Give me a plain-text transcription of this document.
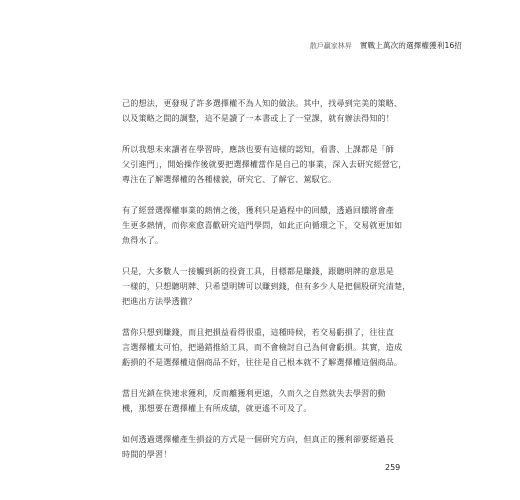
散戶贏家林昇 實戰上萬次的選擇權獲利16招
己的想法，更發現了許多選擇權不為人知的做法。其中，找尋到完美的策略、
以及策略之間的調整，這不是讀了一本書或上了一堂課，就有辦法得知的！
所以我想未來讀者在學習時，應該也要有這樣的認知，看書、上課都是「師
父引進門」，開始操作後就要把選擇權當作是自己的事業，深入去研究經營它，
專注在了解選擇權的各種樣貌，研究它、了解它、駕馭它。
有了經營選擇權事業的熱情之後，獲利只是過程中的回饋，透過回饋將會產
生更多熱情，而你來愈喜歡研究這門學問，如此正向循環之下，交易就更加如
魚得水了。
只是，大多數人一接觸到新的投資工具，目標都是賺錢，跟聽明牌的意思是
一樣的，只想聽明牌、只希望明牌可以賺到錢，但有多少人是把個股研究清楚，
把進出方法學透徹？
當你只想到賺錢，而且把損益看得很重，這種時候，若交易虧損了，往往直
言選擇權太可怕，把過錯推給工具，而不會檢討自己為何會虧損。其實，造成
虧損的不是選擇權這個商品不好，往往是自己根本就不了解選擇權這個商品。
當目光鎖在快速求獲利，反而離獲利更遠，久而久之自然就失去學習的動
機，那想要在選擇權上有所成績，就更遙不可及了。
如何透過選擇權產生損益的方式是一個研究方向，但真正的獲利卻要經過長
時間的學習！
259
